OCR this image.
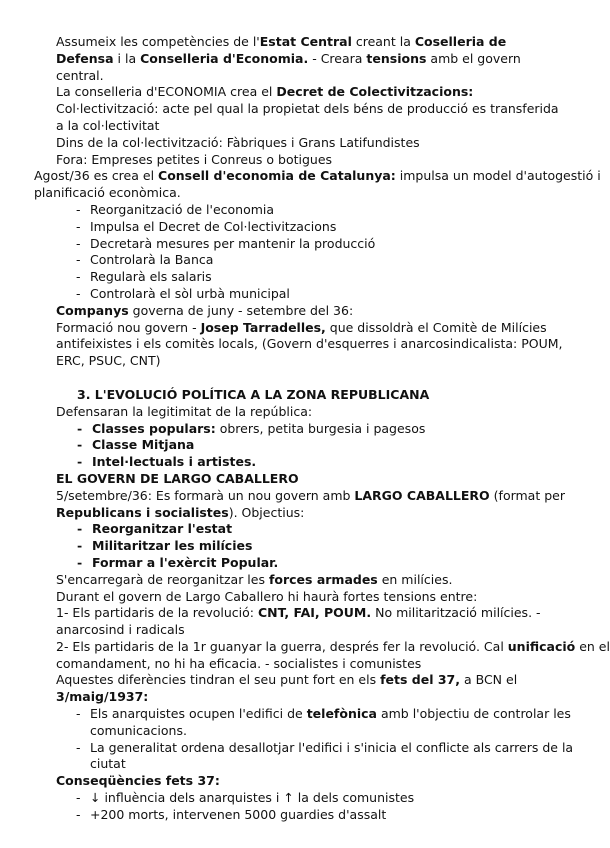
Assumeix les competències de l'Estat Central creant la Coselleria de
Defensa i la Conselleria d'Economia. - Creara tensions amb el govern
central.
La conselleria d'ECONOMIA crea el Decret de Colectivitzacions:
Col·lectivització: acte pel qual la propietat dels béns de producció es transferida
a la col·lectivitat
Dins de la col·lectivització: Fàbriques i Grans Latifundistes
Fora: Empreses petites i Conreus o botigues
Agost/36 es crea el Consell d'economia de Catalunya: impulsa un model d'autogestió i
planificació econòmica.
- Reorganització de l'economia
- Impulsa el Decret de Col·lectivitzacions
- Decretarà mesures per mantenir la producció
- Controlarà la Banca
- Regularà els salaris
- Controlarà el sòl urbà municipal
Companys governa de juny - setembre del 36:
Formació nou govern - Josep Tarradelles, que dissoldrà el Comitè de Milícies
antifeixistes i els comitès locals, (Govern d'esquerres i anarcosindicalista: POUM,
ERC, PSUC, CNT)
3. L'EVOLUCIÓ POLÍTICA A LA ZONA REPUBLICANA
Defensaran la legitimitat de la república:
- Classes populars: obrers, petita burgesia i pagesos
- Classe Mitjana
- Intel·lectuals i artistes.
EL GOVERN DE LARGO CABALLERO
5/setembre/36: Es formarà un nou govern amb LARGO CABALLERO (format per
Republicans i socialistes). Objectius:
- Reorganitzar l'estat
- Militaritzar les milícies
- Formar a l'exèrcit Popular.
S'encarregarà de reorganitzar les forces armades en milícies.
Durant el govern de Largo Caballero hi haurà fortes tensions entre:
1- Els partidaris de la revolució: CNT, FAI, POUM. No militarització milícies. -
anarcosind i radicals
2- Els partidaris de la 1r guanyar la guerra, després fer la revolució. Cal unificació en el
comandament, no hi ha eficacia. - socialistes i comunistes
Aquestes diferències tindran el seu punt fort en els fets del 37, a BCN el
3/maig/1937:
- Els anarquistes ocupen l'edifici de telefònica amb l'objectiu de controlar les
comunicacions.
- La generalitat ordena desallotjar l'edifici i s'inicia el conflicte als carrers de la
ciutat
Conseqüències fets 37:
- ↓ influència dels anarquistes i ↑ la dels comunistes
- +200 morts, intervenen 5000 guardies d'assalt
